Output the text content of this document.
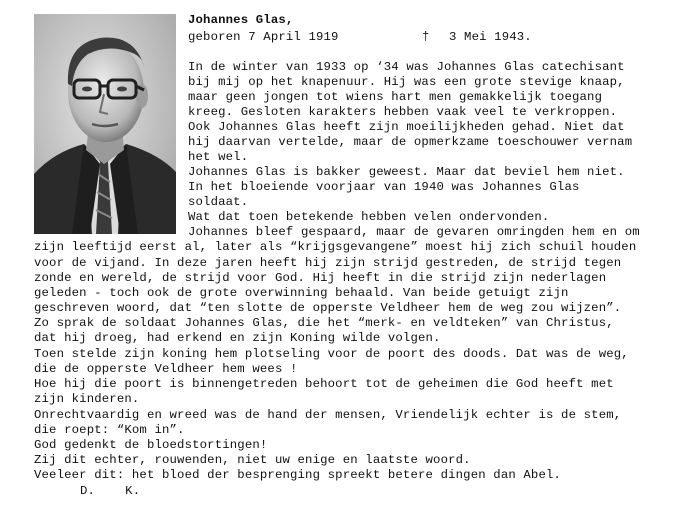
Johannes Glas,
geboren 7 April 1919	† 3 Mei 1943.
In de winter van 1933 op ‘34 was Johannes Glas catechisant
bij mij op het knapenuur. Hij was een grote stevige knaap,
maar geen jongen tot wiens hart men gemakkelijk toegang
kreeg. Gesloten karakters hebben vaak veel te verkroppen.
Ook Johannes Glas heeft zijn moeilijkheden gehad. Niet dat
hij daarvan vertelde, maar de opmerkzame toeschouwer vernam
het wel.
Johannes Glas is bakker geweest. Maar dat beviel hem niet.
In het bloeiende voorjaar van 1940 was Johannes Glas
soldaat.
Wat dat toen betekende hebben velen ondervonden.
Johannes bleef gespaard, maar de gevaren omringden hem en om
zijn leeftijd eerst al, later als “krijgsgevangene” moest hij zich schuil houden
voor de vijand. In deze jaren heeft hij zijn strijd gestreden, de strijd tegen
zonde en wereld, de strijd voor God. Hij heeft in die strijd zijn nederlagen
geleden - toch ook de grote overwinning behaald. Van beide getuigt zijn
geschreven woord, dat “ten slotte de opperste Veldheer hem de weg zou wijzen”.
Zo sprak de soldaat Johannes Glas, die het “merk- en veldteken” van Christus,
dat hij droeg, had erkend en zijn Koning wilde volgen.
Toen stelde zijn koning hem plotseling voor de poort des doods. Dat was de weg,
die de opperste Veldheer hem wees !
Hoe hij die poort is binnengetreden behoort tot de geheimen die God heeft met
zijn kinderen.
Onrechtvaardig en wreed was de hand der mensen, Vriendelijk echter is de stem,
die roept: “Kom in”.
God gedenkt de bloedstortingen!
Zij dit echter, rouwenden, niet uw enige en laatste woord.
Veeleer dit: het bloed der besprenging spreekt betere dingen dan Abel.
D.    K.
